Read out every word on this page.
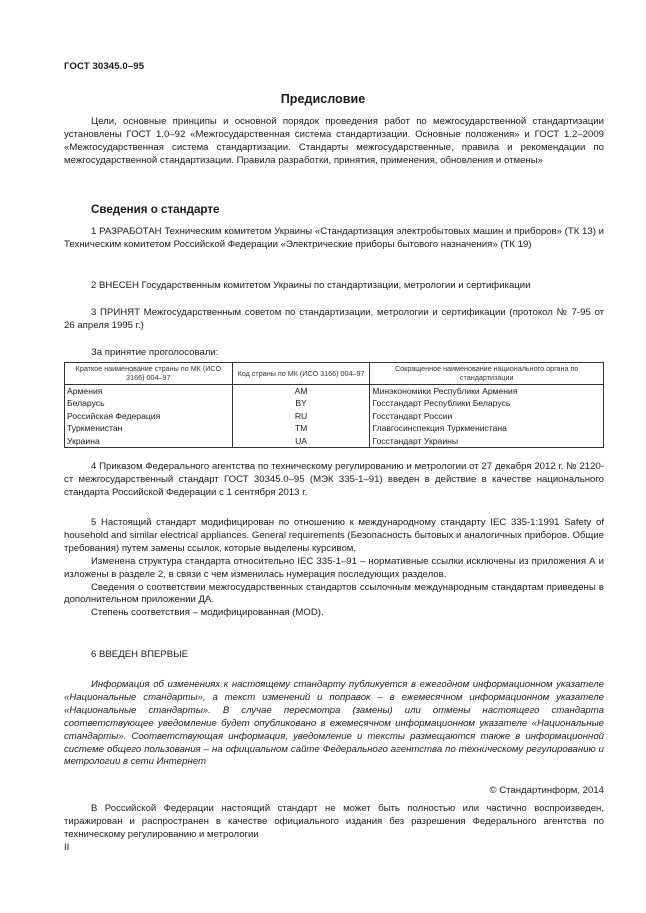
ГОСТ 30345.0–95
Предисловие

Цели, основные принципы и основной порядок проведения работ по межгосударственной стандартизации установлены ГОСТ 1.0–92 «Межгосударственная система стандартизации. Основные положения» и ГОСТ 1.2–2009 «Межгосударственная система стандартизации. Стандарты межгосударственные, правила и рекомендации по межгосударственной стандартизации. Правила разработки, принятия, применения, обновления и отмены»

Сведения о стандарте

1 РАЗРАБОТАН Техническим комитетом Украины «Стандартизация электробытовых машин и приборов» (ТК 13) и Техническим комитетом Российской Федерации «Электрические приборы бытового назначения» (ТК 19)

2 ВНЕСЕН Государственным комитетом Украины по стандартизации, метрологии и сертификации

3 ПРИНЯТ Межгосударственным советом по стандартизации, метрологии и сертификации (протокол № 7-95 от 26 апреля 1995 г.)

За принятие проголосовали:
Краткое наименование страны по МК (ИСО 3166) 004–97	Код страны по МК (ИСО 3166) 004–97	Сокращенное наименование национального органа по стандартизации
Армения	AM	Минэкономики Республики Армения
Беларусь	BY	Госстандарт Республики Беларусь
Российская Федерация	RU	Госстандарт России
Туркменистан	TM	Главгосинспекция Туркменистана
Украина	UA	Госстандарт Украины

4 Приказом Федерального агентства по техническому регулированию и метрологии от 27 декабря 2012 г. № 2120-ст межгосударственный стандарт ГОСТ 30345.0–95 (МЭК 335-1–91) введен в действие в качестве национального стандарта Российской Федерации с 1 сентября 2013 г.

5 Настоящий стандарт модифицирован по отношению к международному стандарту IEC 335-1:1991 Safety of household and similar electrical appliances. General requirements (Безопасность бытовых и аналогичных приборов. Общие требования) путем замены ссылок, которые выделены курсивом.

Изменена структура стандарта относительно IEC 335-1–91 – нормативные ссылки исключены из приложения А и изложены в разделе 2, в связи с чем изменилась нумерация последующих разделов.

Сведения о соответствии межгосударственных стандартов ссылочным международным стандартам приведены в дополнительном приложении ДА.

Степень соответствия – модифицированная (MOD).

6 ВВЕДЕН ВПЕРВЫЕ

Информация об изменениях к настоящему стандарту публикуется в ежегодном информационном указателе «Национальные стандарты», а текст изменений и поправок – в ежемесячном информационном указателе «Национальные стандарты». В случае пересмотра (замены) или отмены настоящего стандарта соответствующее уведомление будет опубликовано в ежемесячном информационном указателе «Национальные стандарты». Соответствующая информация, уведомление и тексты размещаются также в информационной системе общего пользования – на официальном сайте Федерального агентства по техническому регулированию и метрологии в сети Интернет

© Стандартинформ, 2014

В Российской Федерации настоящий стандарт не может быть полностью или частично воспроизведен, тиражирован и распространен в качестве официального издания без разрешения Федерального агентства по техническому регулированию и метрологии

II
